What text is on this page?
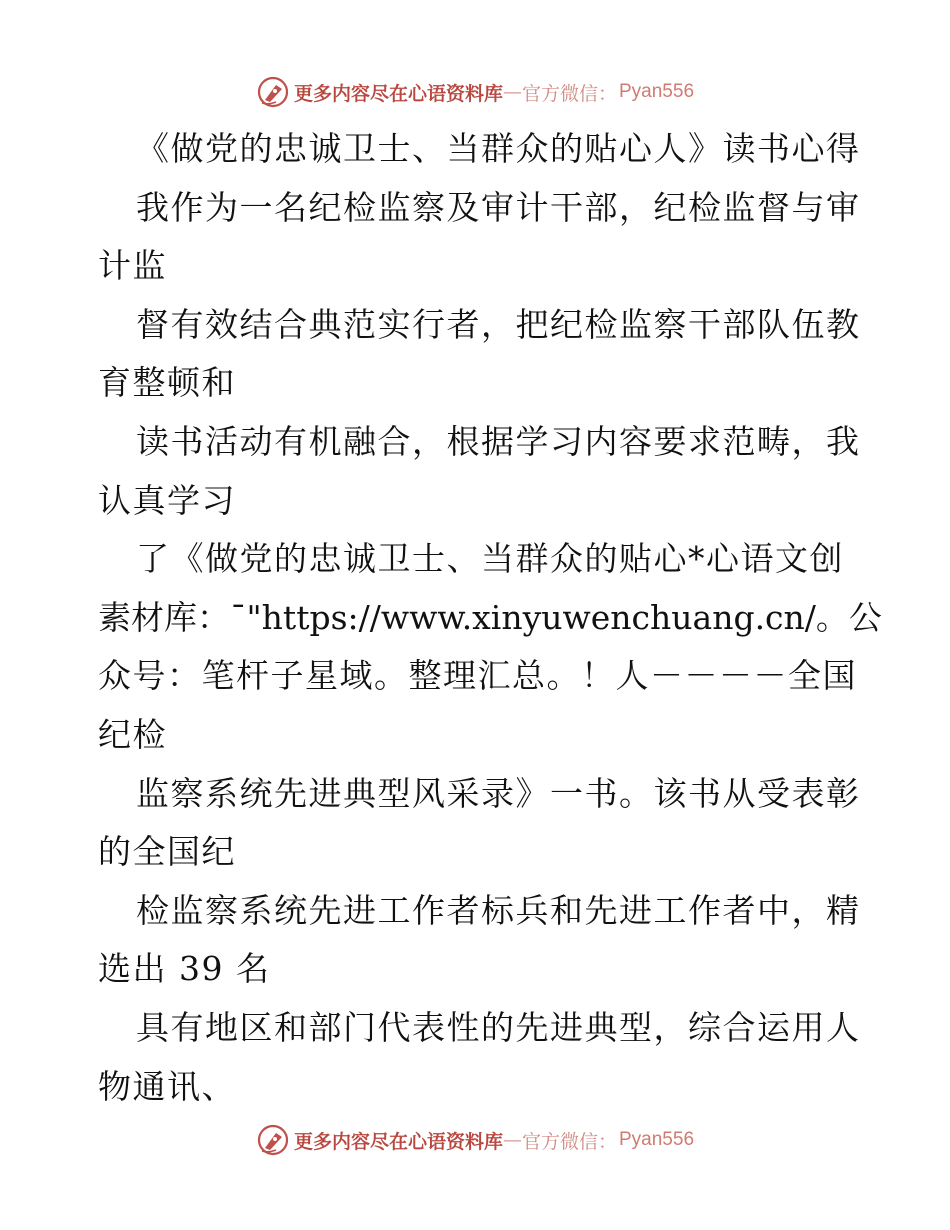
更多内容尽在心语资料库 — 官方微信： Pyan556
《做党的忠诚卫士、当群众的贴心人》读书心得
我作为一名纪检监察及审计干部，纪检监督与审
计监
督有效结合典范实行者，把纪检监察干部队伍教
育整顿和
读书活动有机融合，根据学习内容要求范畴，我
认真学习
了《做党的忠诚卫士、当群众的贴心*心语文创
素材库：¯"https://www.xinyuwenchuang.cn/。公
众号：笔杆子星域。整理汇总。！人－－－－全国
纪检
监察系统先进典型风采录》一书。该书从受表彰
的全国纪
检监察系统先进工作者标兵和先进工作者中，精
选出 39 名
具有地区和部门代表性的先进典型，综合运用人
物通讯、
更多内容尽在心语资料库 — 官方微信： Pyan556
